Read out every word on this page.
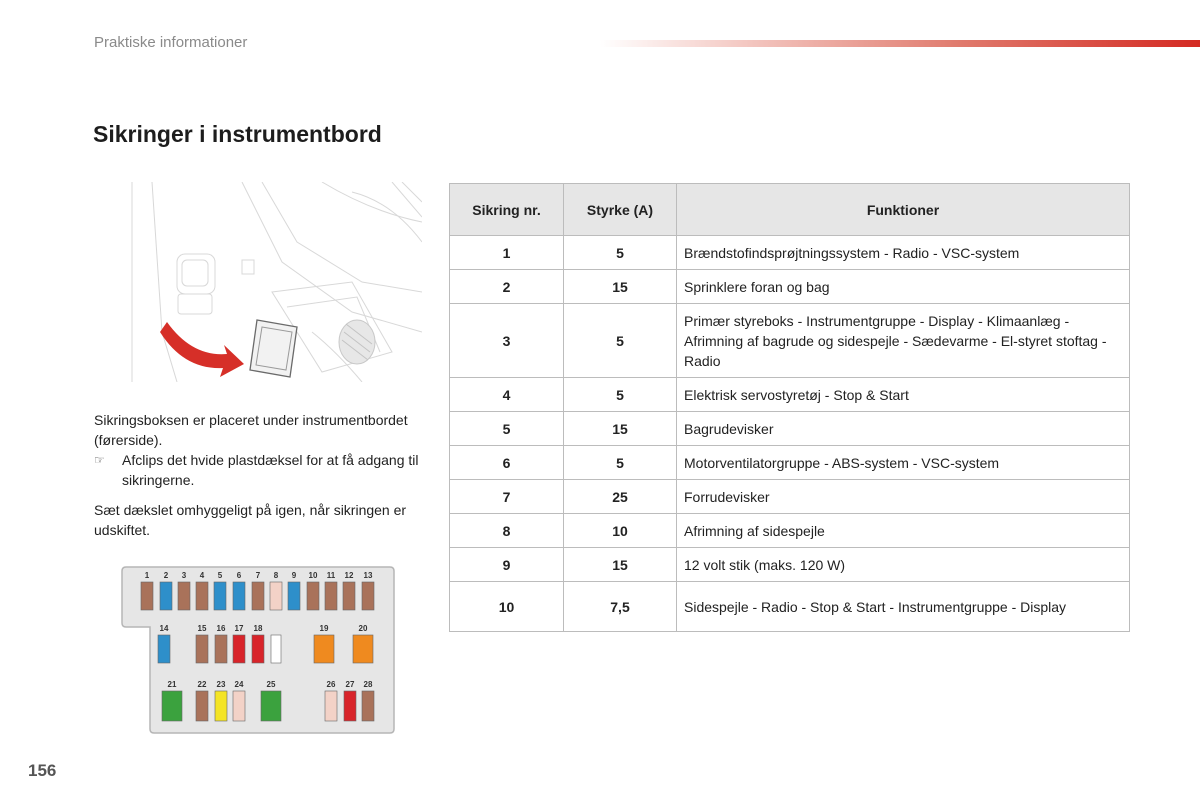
Praktiske informationer
Sikringer i instrumentbord

Sikringsboksen er placeret under instrumentbordet (førerside).

☞	Afclips det hvide plastdæksel for at få adgang til sikringerne.

Sæt dækslet omhyggeligt på igen, når sikringen er udskiftet.

Sikring nr.	Styrke (A)	Funktioner
1	5	Brændstofindsprøjtningssystem - Radio - VSC-system
2	15	Sprinklere foran og bag
3	5	Primær styreboks - Instrumentgruppe - Display - Klimaanlæg - Afrimning af bagrude og sidespejle - Sædevarme - El-styret stoftag - Radio
4	5	Elektrisk servostyretøj - Stop & Start
5	15	Bagrudevisker
6	5	Motorventilatorgruppe - ABS-system - VSC-system
7	25	Forrudevisker
8	10	Afrimning af sidespejle
9	15	12 volt stik (maks. 120 W)
10	7,5	Sidespejle - Radio - Stop & Start - Instrumentgruppe - Display
1 2 3 4 5 6 7 8 9 10 11 12 13
14	15 16 17 18	19	20
21	22 23 24	25	26 27 28
156
